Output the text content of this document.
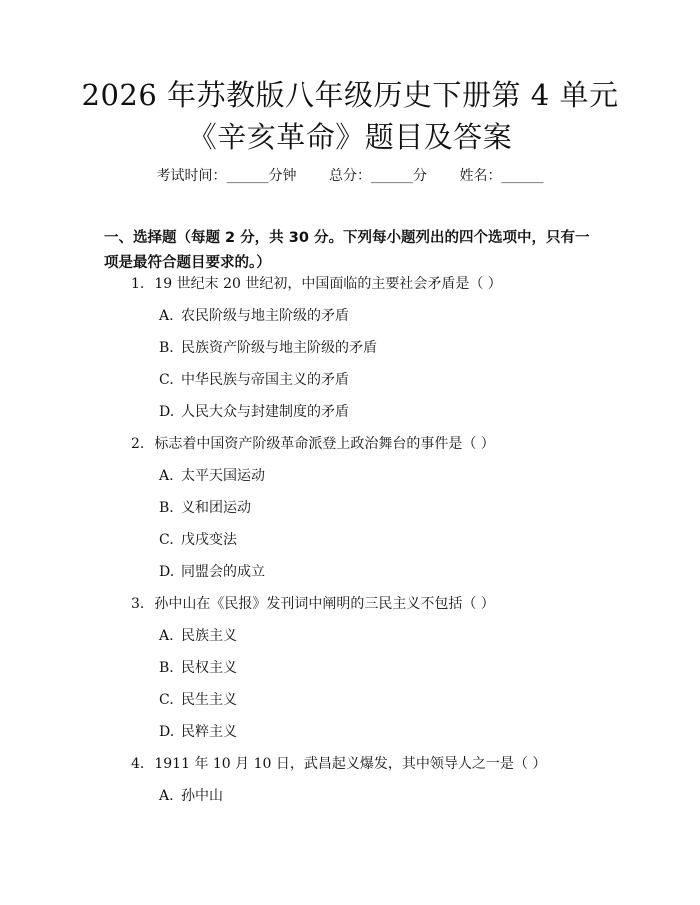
2026 年苏教版八年级历史下册第 4 单元《辛亥革命》题目及答案
考试时间：______分钟 总分：______分 姓名：______
一、选择题（每题 2 分，共 30 分。下列每小题列出的四个选项中，只有一项是最符合题目要求的。）
1. 19 世纪末 20 世纪初，中国面临的主要社会矛盾是（ ）
A. 农民阶级与地主阶级的矛盾
B. 民族资产阶级与地主阶级的矛盾
C. 中华民族与帝国主义的矛盾
D. 人民大众与封建制度的矛盾
2. 标志着中国资产阶级革命派登上政治舞台的事件是（ ）
A. 太平天国运动
B. 义和团运动
C. 戊戌变法
D. 同盟会的成立
3. 孙中山在《民报》发刊词中阐明的三民主义不包括（ ）
A. 民族主义
B. 民权主义
C. 民生主义
D. 民粹主义
4. 1911 年 10 月 10 日，武昌起义爆发，其中领导人之一是（ ）
A. 孙中山
